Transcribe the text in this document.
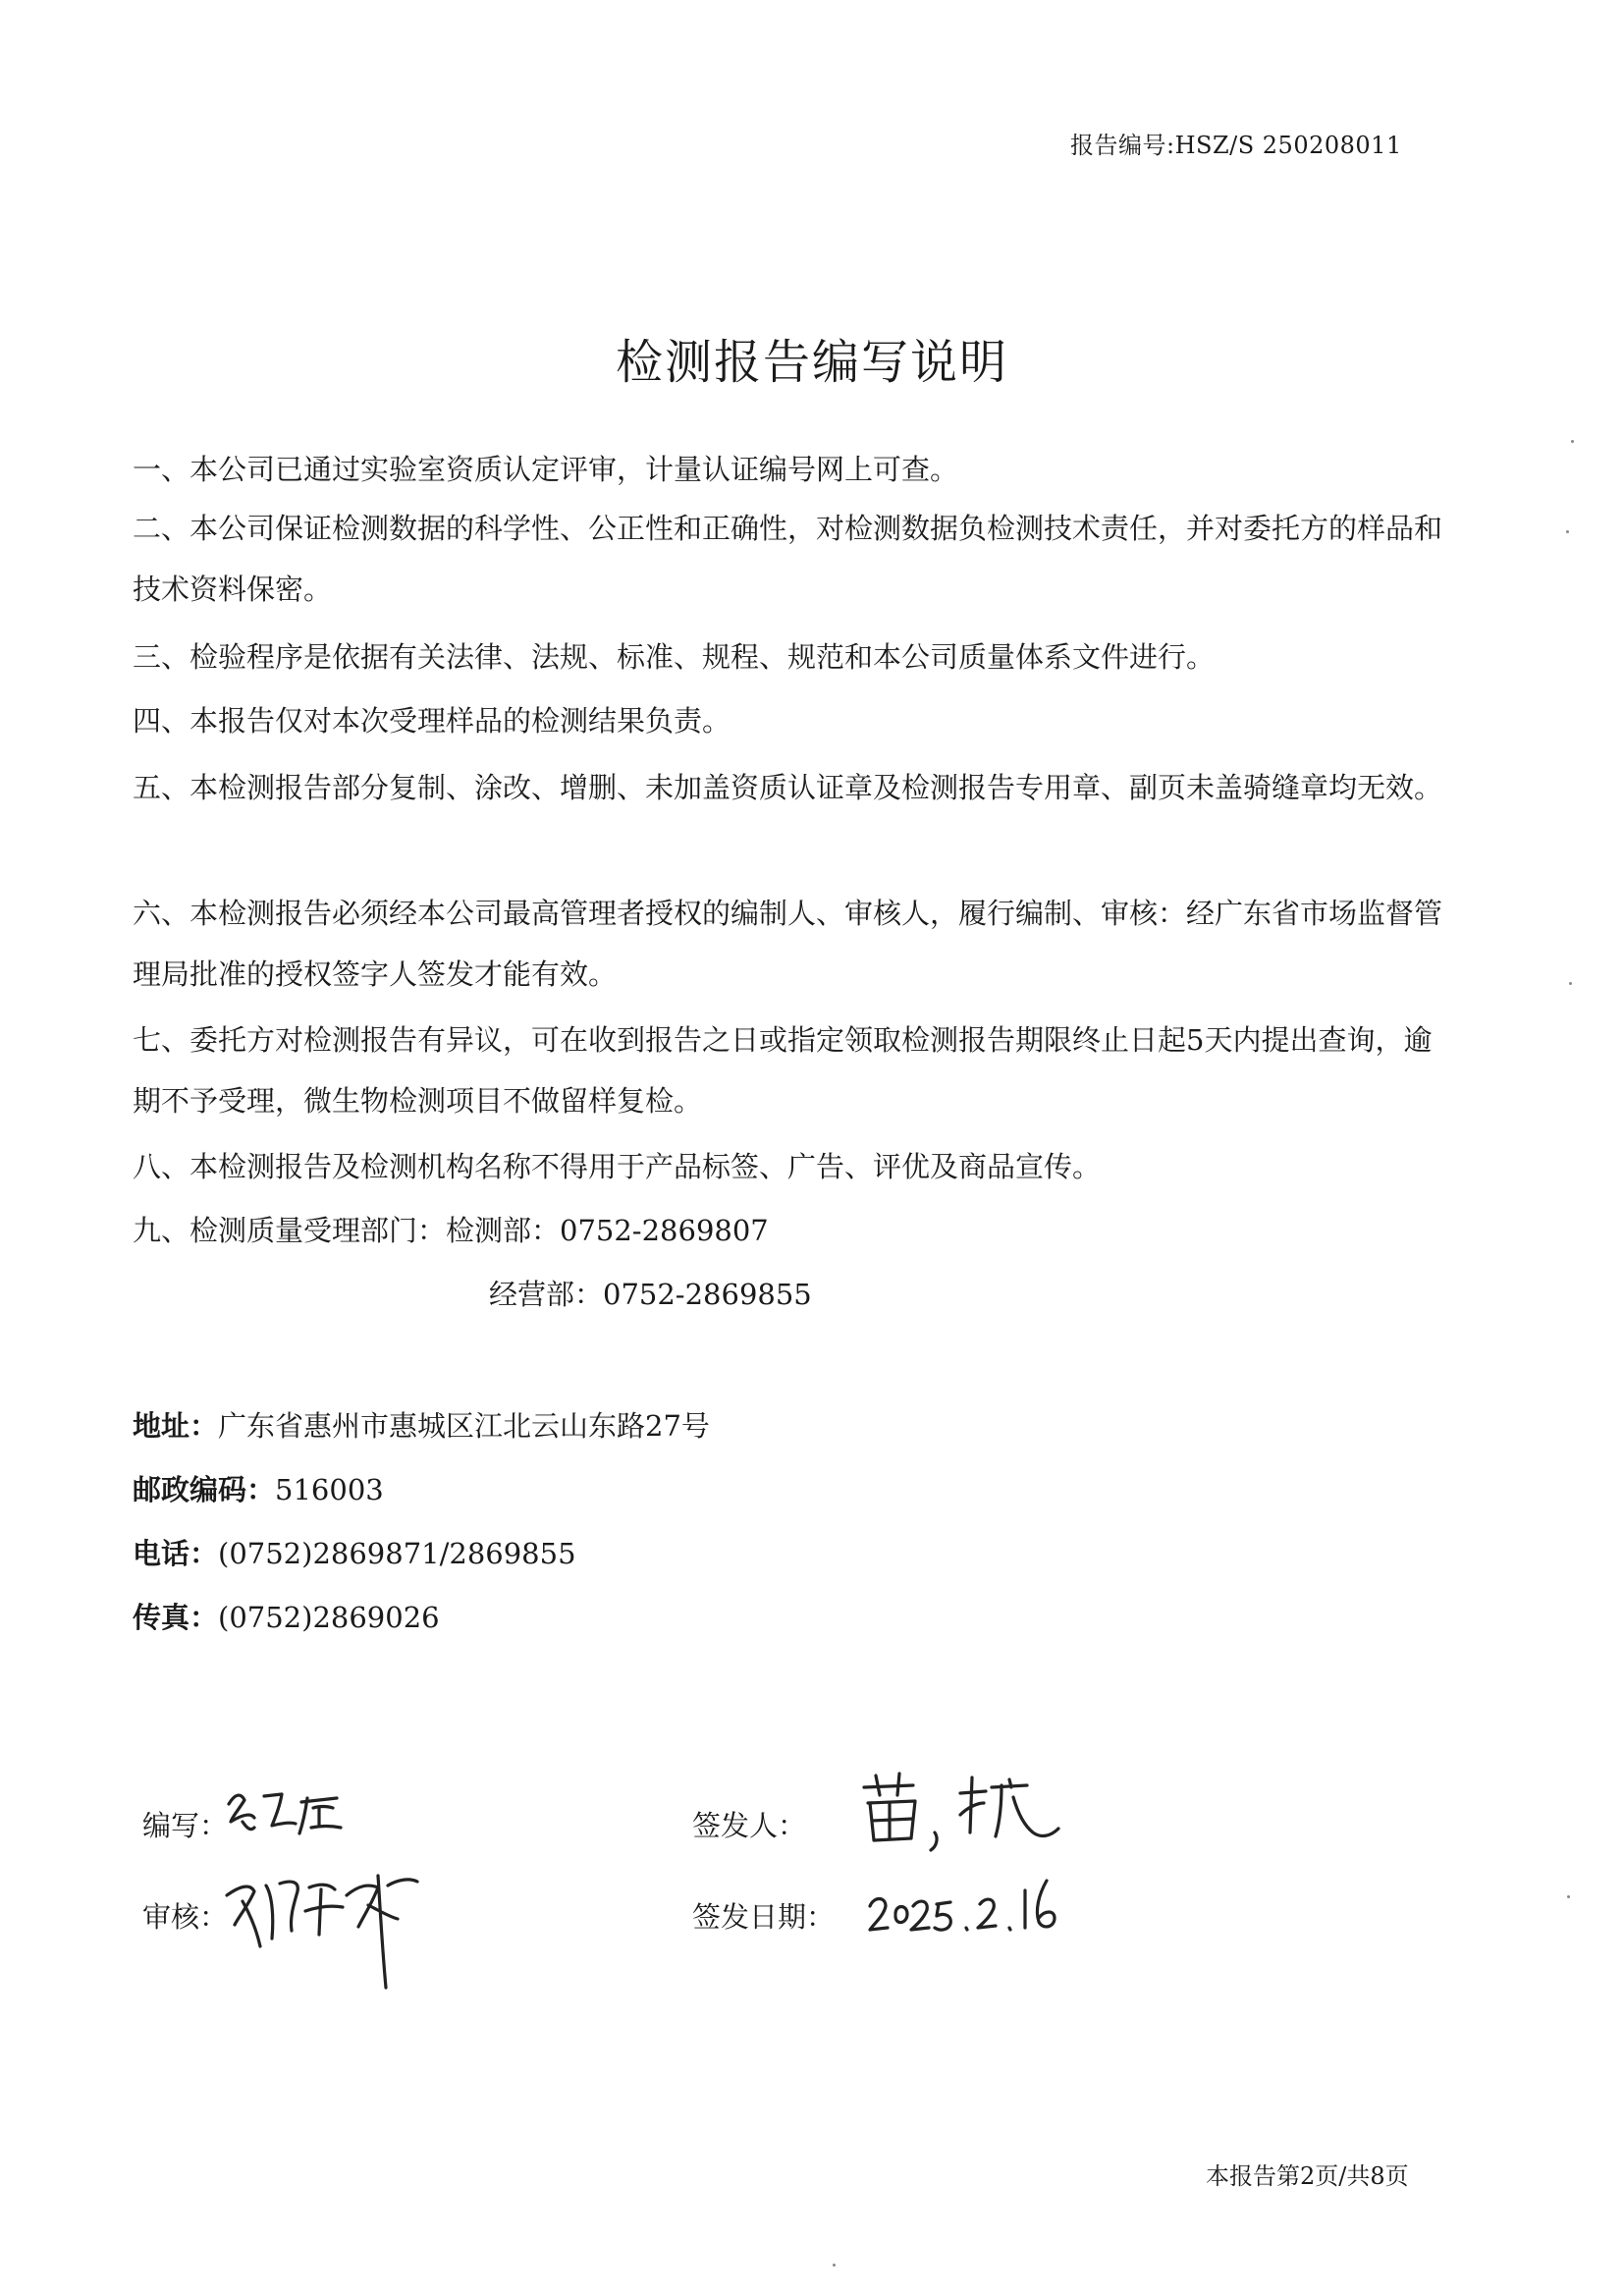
报告编号:HSZ/S 250208011
检测报告编写说明
一、本公司已通过实验室资质认定评审，计量认证编号网上可查。
二、本公司保证检测数据的科学性、公正性和正确性，对检测数据负检测技术责任，并对委托方的样品和技术资料保密。
三、检验程序是依据有关法律、法规、标准、规程、规范和本公司质量体系文件进行。
四、本报告仅对本次受理样品的检测结果负责。
五、本检测报告部分复制、涂改、增删、未加盖资质认证章及检测报告专用章、副页未盖骑缝章均无效。
六、本检测报告必须经本公司最高管理者授权的编制人、审核人，履行编制、审核：经广东省市场监督管理局批准的授权签字人签发才能有效。
七、委托方对检测报告有异议，可在收到报告之日或指定领取检测报告期限终止日起5天内提出查询，逾期不予受理，微生物检测项目不做留样复检。
八、本检测报告及检测机构名称不得用于产品标签、广告、评优及商品宣传。
九、检测质量受理部门：检测部：0752-2869807
经营部：0752-2869855
地址：广东省惠州市惠城区江北云山东路27号
邮政编码：516003
电话：(0752)2869871/2869855
传真：(0752)2869026
编写：
审核：
签发人：
签发日期：
本报告第2页/共8页
